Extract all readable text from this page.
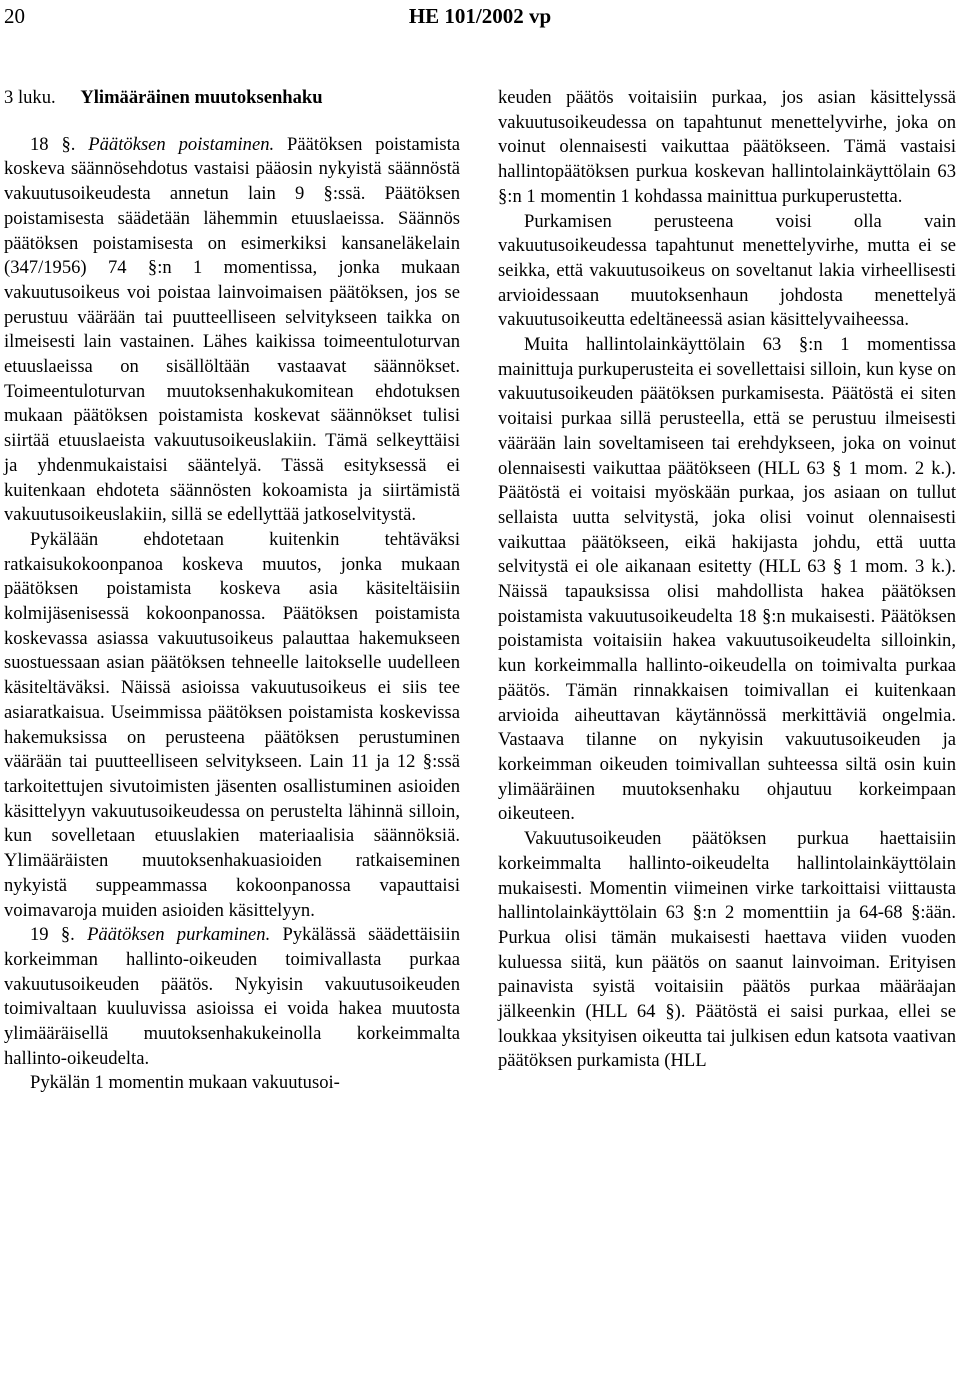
20	HE 101/2002 vp
3 luku. Ylimääräinen muutoksenhaku

18 §. Päätöksen poistaminen. Päätöksen poistamista koskeva säännösehdotus vastaisi pääosin nykyistä säännöstä vakuutusoikeudesta annetun lain 9 §:ssä. Päätöksen poistamisesta säädetään lähemmin etuuslaeissa. Säännös päätöksen poistamisesta on esimerkiksi kansaneläkelain (347/1956) 74 §:n 1 momentissa, jonka mukaan vakuutusoikeus voi poistaa lainvoimaisen päätöksen, jos se perustuu väärään tai puutteelliseen selvitykseen taikka on ilmeisesti lain vastainen. Lähes kaikissa toimeentuloturvan etuuslaeissa on sisällöltään vastaavat säännökset. Toimeentuloturvan muutoksenhakukomitean ehdotuksen mukaan päätöksen poistamista koskevat säännökset tulisi siirtää etuuslaeista vakuutusoikeuslakiin. Tämä selkeyttäisi ja yhdenmukaistaisi sääntelyä. Tässä esityksessä ei kuitenkaan ehdoteta säännösten kokoamista ja siirtämistä vakuutusoikeuslakiin, sillä se edellyttää jatkoselvitystä.

Pykälään ehdotetaan kuitenkin tehtäväksi ratkaisukokoonpanoa koskeva muutos, jonka mukaan päätöksen poistamista koskeva asia käsiteltäisiin kolmijäsenisessä kokoonpanossa. Päätöksen poistamista koskevassa asiassa vakuutusoikeus palauttaa hakemukseen suostuessaan asian päätöksen tehneelle laitokselle uudelleen käsiteltäväksi. Näissä asioissa vakuutusoikeus ei siis tee asiaratkaisua. Useimmissa päätöksen poistamista koskevissa hakemuksissa on perusteena päätöksen perustuminen väärään tai puutteelliseen selvitykseen. Lain 11 ja 12 §:ssä tarkoitettujen sivutoimisten jäsenten osallistuminen asioiden käsittelyyn vakuutusoikeudessa on perustelta lähinnä silloin, kun sovelletaan etuuslakien materiaalisia säännöksiä. Ylimääräisten muutoksenhakuasioiden ratkaiseminen nykyistä suppeammassa kokoonpanossa vapauttaisi voimavaroja muiden asioiden käsittelyyn.

19 §. Päätöksen purkaminen. Pykälässä säädettäisiin korkeimman hallinto-oikeuden toimivallasta purkaa vakuutusoikeuden päätös. Nykyisin vakuutusoikeuden toimivaltaan kuuluvissa asioissa ei voida hakea muutosta ylimääräisellä muutoksenhakukeinolla korkeimmalta hallinto-oikeudelta.

Pykälän 1 momentin mukaan vakuutusoi-

keuden päätös voitaisiin purkaa, jos asian käsittelyssä vakuutusoikeudessa on tapahtunut menettelyvirhe, joka on voinut olennaisesti vaikuttaa päätökseen. Tämä vastaisi hallintopäätöksen purkua koskevan hallintolainkäyttölain 63 §:n 1 momentin 1 kohdassa mainittua purkuperustetta.

Purkamisen perusteena voisi olla vain vakuutusoikeudessa tapahtunut menettelyvirhe, mutta ei se seikka, että vakuutusoikeus on soveltanut lakia virheellisesti arvioidessaan muutoksenhaun johdosta menettelyä vakuutusoikeutta edeltäneessä asian käsittelyvaiheessa.

Muita hallintolainkäyttölain 63 §:n 1 momentissa mainittuja purkuperusteita ei sovellettaisi silloin, kun kyse on vakuutusoikeuden päätöksen purkamisesta. Päätöstä ei siten voitaisi purkaa sillä perusteella, että se perustuu ilmeisesti väärään lain soveltamiseen tai erehdykseen, joka on voinut olennaisesti vaikuttaa päätökseen (HLL 63 § 1 mom. 2 k.). Päätöstä ei voitaisi myöskään purkaa, jos asiaan on tullut sellaista uutta selvitystä, joka olisi voinut olennaisesti vaikuttaa päätökseen, eikä hakijasta johdu, että uutta selvitystä ei ole aikanaan esitetty (HLL 63 § 1 mom. 3 k.). Näissä tapauksissa olisi mahdollista hakea päätöksen poistamista vakuutusoikeudelta 18 §:n mukaisesti. Päätöksen poistamista voitaisiin hakea vakuutusoikeudelta silloinkin, kun korkeimmalla hallinto-oikeudella on toimivalta purkaa päätös. Tämän rinnakkaisen toimivallan ei kuitenkaan arvioida aiheuttavan käytännössä merkittäviä ongelmia. Vastaava tilanne on nykyisin vakuutusoikeuden ja korkeimman oikeuden toimivallan suhteessa siltä osin kuin ylimääräinen muutoksenhaku ohjautuu korkeimpaan oikeuteen.

Vakuutusoikeuden päätöksen purkua haettaisiin korkeimmalta hallinto-oikeudelta hallintolainkäyttölain mukaisesti. Momentin viimeinen virke tarkoittaisi viittausta hallintolainkäyttölain 63 §:n 2 momenttiin ja 64-68 §:ään. Purkua olisi tämän mukaisesti haettava viiden vuoden kuluessa siitä, kun päätös on saanut lainvoiman. Erityisen painavista syistä voitaisiin päätös purkaa määräajan jälkeenkin (HLL 64 §). Päätöstä ei saisi purkaa, ellei se loukkaa yksityisen oikeutta tai julkisen edun katsota vaativan päätöksen purkamista (HLL
